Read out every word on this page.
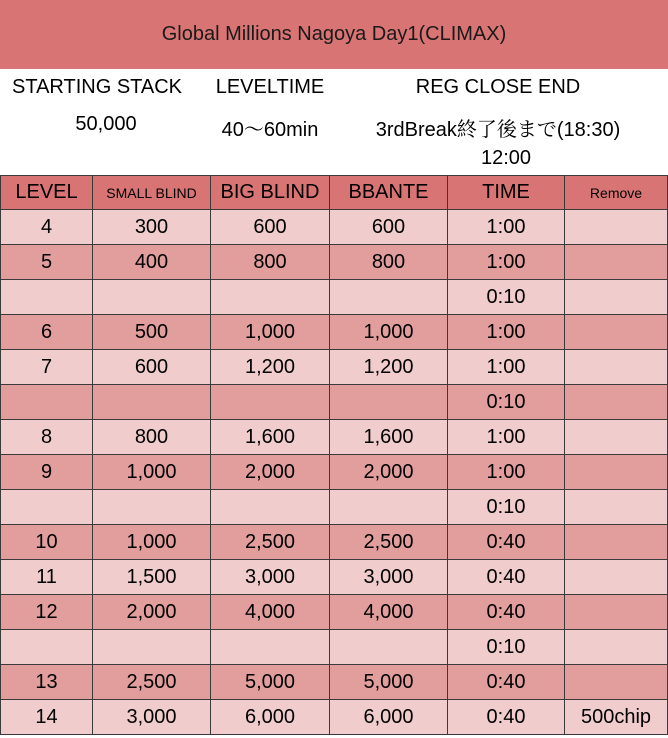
Global Millions Nagoya Day1(CLIMAX)
STARTING STACK
50,000
LEVELTIME
40〜60min
REG CLOSE END
3rdBreak終了後まで(18:30)
12:00
LEVEL	SMALL BLIND	BIG BLIND	BBANTE	TIME	Remove
4	300	600	600	1:00	
5	400	800	800	1:00	
				0:10	
6	500	1,000	1,000	1:00	
7	600	1,200	1,200	1:00	
				0:10	
8	800	1,600	1,600	1:00	
9	1,000	2,000	2,000	1:00	
				0:10	
10	1,000	2,500	2,500	0:40	
11	1,500	3,000	3,000	0:40	
12	2,000	4,000	4,000	0:40	
				0:10	
13	2,500	5,000	5,000	0:40	
14	3,000	6,000	6,000	0:40	500chip
